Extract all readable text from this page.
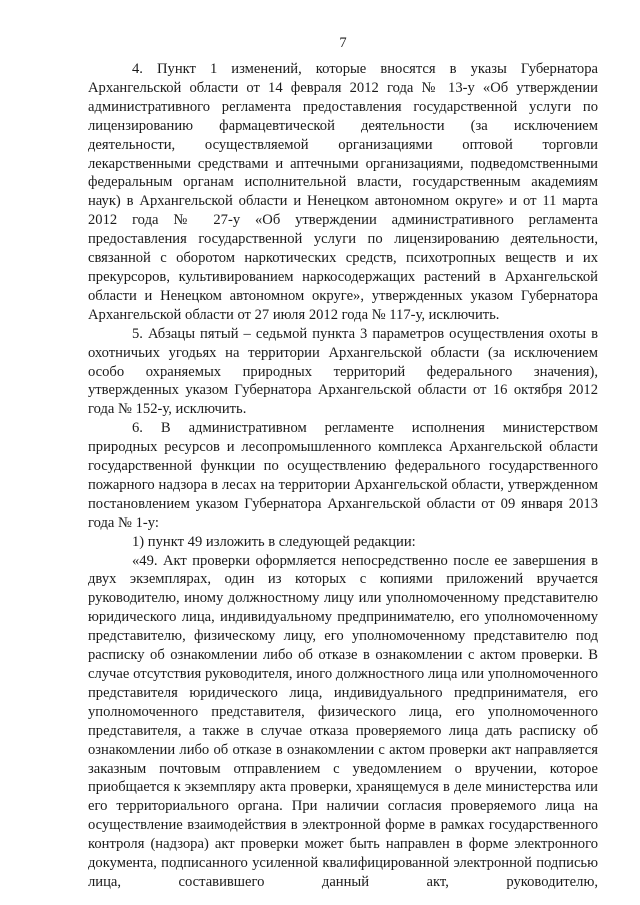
7

4. Пункт 1 изменений, которые вносятся в указы Губернатора Архангельской области от 14 февраля 2012 года № 13-у «Об утверждении административного регламента предоставления государственной услуги по лицензированию фармацевтической деятельности (за исключением деятельности, осуществляемой организациями оптовой торговли лекарственными средствами и аптечными организациями, подведомственными федеральным органам исполнительной власти, государственным академиям наук) в Архангельской области и Ненецком автономном округе» и от 11 марта 2012 года № 27-у «Об утверждении административного регламента предоставления государственной услуги по лицензированию деятельности, связанной с оборотом наркотических средств, психотропных веществ и их прекурсоров, культивированием наркосодержащих растений в Архангельской области и Ненецком автономном округе», утвержденных указом Губернатора Архангельской области от 27 июля 2012 года № 117-у, исключить.

5. Абзацы пятый – седьмой пункта 3 параметров осуществления охоты в охотничьих угодьях на территории Архангельской области (за исключением особо охраняемых природных территорий федерального значения), утвержденных указом Губернатора Архангельской области от 16 октября 2012 года № 152-у, исключить.

6. В административном регламенте исполнения министерством природных ресурсов и лесопромышленного комплекса Архангельской области государственной функции по осуществлению федерального государственного пожарного надзора в лесах на территории Архангельской области, утвержденном постановлением указом Губернатора Архангельской области от 09 января 2013 года № 1-у:

1) пункт 49 изложить в следующей редакции:

«49. Акт проверки оформляется непосредственно после ее завершения в двух экземплярах, один из которых с копиями приложений вручается руководителю, иному должностному лицу или уполномоченному представителю юридического лица, индивидуальному предпринимателю, его уполномоченному представителю, физическому лицу, его уполномоченному представителю под расписку об ознакомлении либо об отказе в ознакомлении с актом проверки. В случае отсутствия руководителя, иного должностного лица или уполномоченного представителя юридического лица, индивидуального предпринимателя, его уполномоченного представителя, физического лица, его уполномоченного представителя, а также в случае отказа проверяемого лица дать расписку об ознакомлении либо об отказе в ознакомлении с актом проверки акт направляется заказным почтовым отправлением с уведомлением о вручении, которое приобщается к экземпляру акта проверки, хранящемуся в деле министерства или его территориального органа. При наличии согласия проверяемого лица на осуществление взаимодействия в электронной форме в рамках государственного контроля (надзора) акт проверки может быть направлен в форме электронного документа, подписанного усиленной квалифицированной электронной подписью лица, составившего данный акт, руководителю,
